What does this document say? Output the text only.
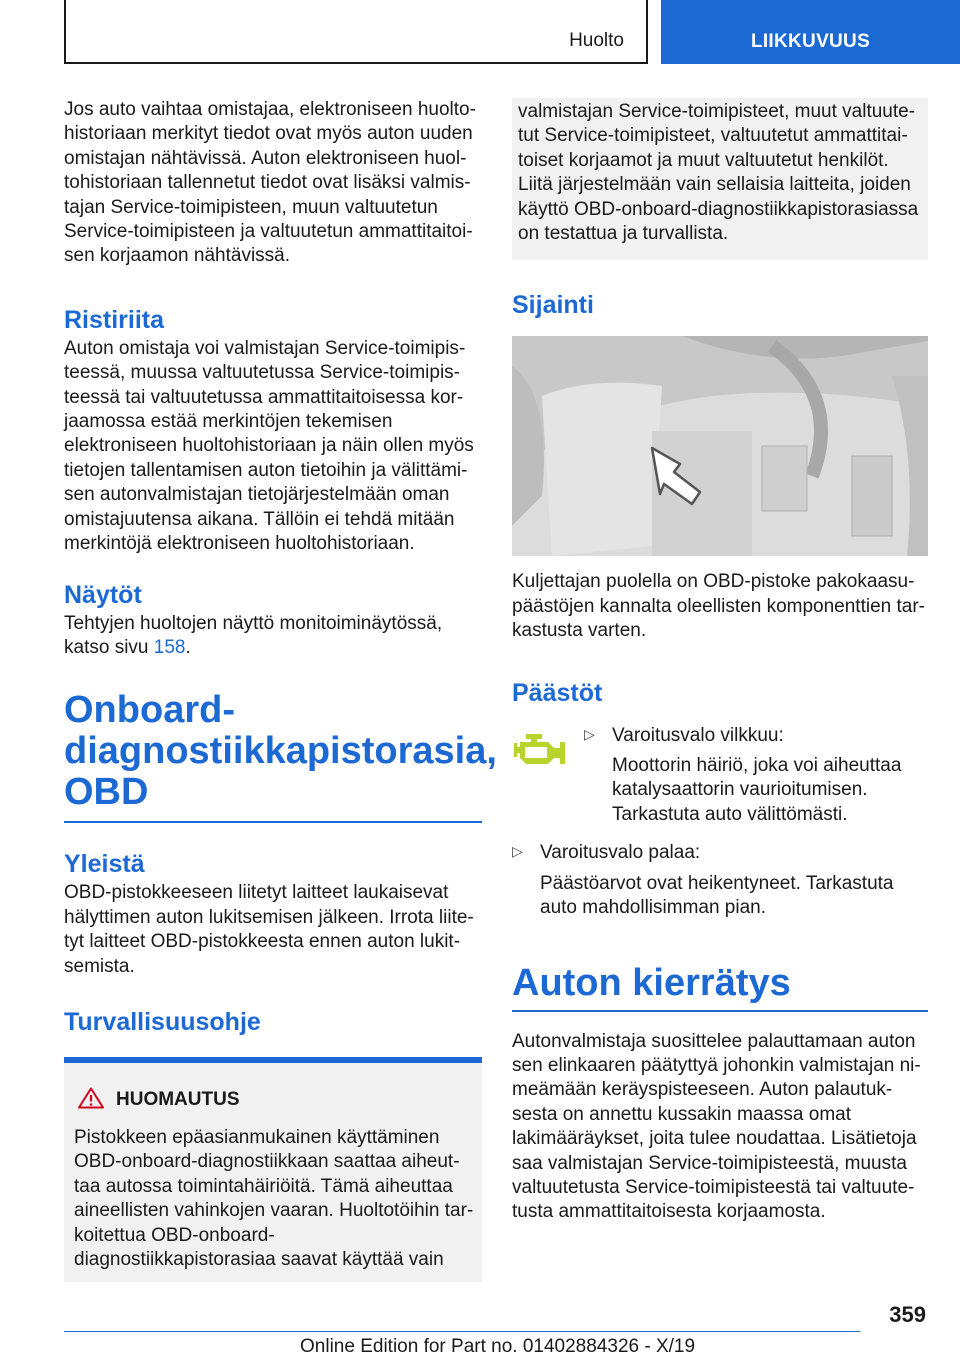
Huolto	LIIKKUVUUS

Jos auto vaihtaa omistajaa, elektroniseen huoltohistoriaan merkityt tiedot ovat myös auton uuden omistajan nähtävissä. Auton elektroniseen huoltohistoriaan tallennetut tiedot ovat lisäksi valmistajan Service-toimipisteen, muun valtuutetun Service-toimipisteen ja valtuutetun ammattitaitoisen korjaamon nähtävissä.

Ristiriita

Auton omistaja voi valmistajan Service-toimipisteessä, muussa valtuutetussa Service-toimipisteessä tai valtuutetussa ammattitaitoisessa korjaamossa estää merkintöjen tekemisen elektroniseen huoltohistoriaan ja näin ollen myös tietojen tallentamisen auton tietoihin ja välittämisen autonvalmistajan tietojärjestelmään oman omistajuutensa aikana. Tällöin ei tehdä mitään merkintöjä elektroniseen huoltohistoriaan.

Näytöt

Tehtyjen huoltojen näyttö monitoiminäytössä, katso sivu 158.

Onboard-
diagnostiikkapistorasia,
OBD
Yleistä

OBD-pistokkeeseen liitetyt laitteet laukaisevat hälyttimen auton lukitsemisen jälkeen. Irrota liitetyt laitteet OBD-pistokkeesta ennen auton lukitsemista.

Turvallisuusohje
HUOMAUTUS

Pistokkeen epäasianmukainen käyttäminen OBD-onboard-diagnostiikkaan saattaa aiheuttaa autossa toimintahäiriöitä. Tämä aiheuttaa aineellisten vahinkojen vaaran. Huoltotöihin tarkoitettua OBD-onboard-diagnostiikkapistorasiaa saavat käyttää vain

valmistajan Service-toimipisteet, muut valtuutetut Service-toimipisteet, valtuutetut ammattitaitoiset korjaamot ja muut valtuutetut henkilöt. Liitä järjestelmään vain sellaisia laitteita, joiden käyttö OBD-onboard-diagnostiikkapistorasiassa on testattua ja turvallista.

Sijainti

Kuljettajan puolella on OBD-pistoke pakokaasupäästöjen kannalta oleellisten komponenttien tarkastusta varten.

Päästöt
▷ Varoitusvalo vilkkuu:
Moottorin häiriö, joka voi aiheuttaa katalysaattorin vaurioitumisen. Tarkastuta auto välittömästi.
▷ Varoitusvalo palaa:
Päästöarvot ovat heikentyneet. Tarkastuta auto mahdollisimman pian.
Auton kierrätys

Autonvalmistaja suosittelee palauttamaan auton sen elinkaaren päätyttyä johonkin valmistajan nimeämään keräyspisteeseen. Auton palautuksesta on annettu kussakin maassa omat lakimääräykset, joita tulee noudattaa. Lisätietoja saa valmistajan Service-toimipisteestä, muusta valtuutetusta Service-toimipisteestä tai valtuutetusta ammattitaitoisesta korjaamosta.

359
Online Edition for Part no. 01402884326 - X/19
